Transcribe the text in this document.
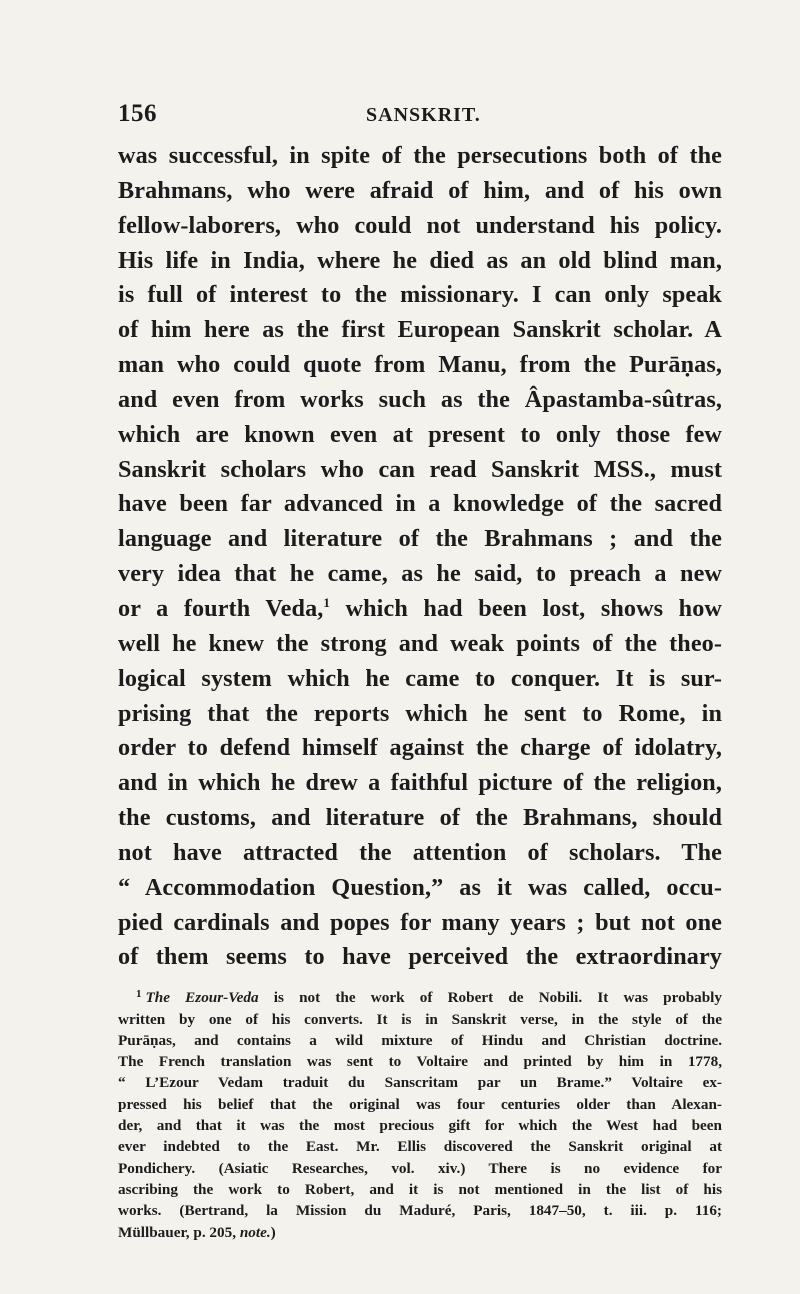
156	SANSKRIT.
was successful, in spite of the persecutions both of the
Brahmans, who were afraid of him, and of his own
fellow-laborers, who could not understand his policy.
His life in India, where he died as an old blind man,
is full of interest to the missionary. I can only speak
of him here as the first European Sanskrit scholar. A
man who could quote from Manu, from the Purāṇas,
and even from works such as the Âpastamba-sûtras,
which are known even at present to only those few
Sanskrit scholars who can read Sanskrit MSS., must
have been far advanced in a knowledge of the sacred
language and literature of the Brahmans ; and the
very idea that he came, as he said, to preach a new
or a fourth Veda,$^1$ which had been lost, shows how
well he knew the strong and weak points of the theo-
logical system which he came to conquer. It is sur-
prising that the reports which he sent to Rome, in
order to defend himself against the charge of idolatry,
and in which he drew a faithful picture of the religion,
the customs, and literature of the Brahmans, should
not have attracted the attention of scholars. The
“ Accommodation Question,” as it was called, occu-
pied cardinals and popes for many years ; but not one
of them seems to have perceived the extraordinary
$^1$ The Ezour-Veda is not the work of Robert de Nobili. It was probably
written by one of his converts. It is in Sanskrit verse, in the style of the
Purāṇas, and contains a wild mixture of Hindu and Christian doctrine.
The French translation was sent to Voltaire and printed by him in 1778,
“ L’Ezour Vedam traduit du Sanscritam par un Brame.” Voltaire ex-
pressed his belief that the original was four centuries older than Alexan-
der, and that it was the most precious gift for which the West had been
ever indebted to the East. Mr. Ellis discovered the Sanskrit original at
Pondichery. (Asiatic Researches, vol. xiv.) There is no evidence for
ascribing the work to Robert, and it is not mentioned in the list of his
works. (Bertrand, la Mission du Maduré, Paris, 1847–50, t. iii. p. 116;
Müllbauer, p. 205, note.)
